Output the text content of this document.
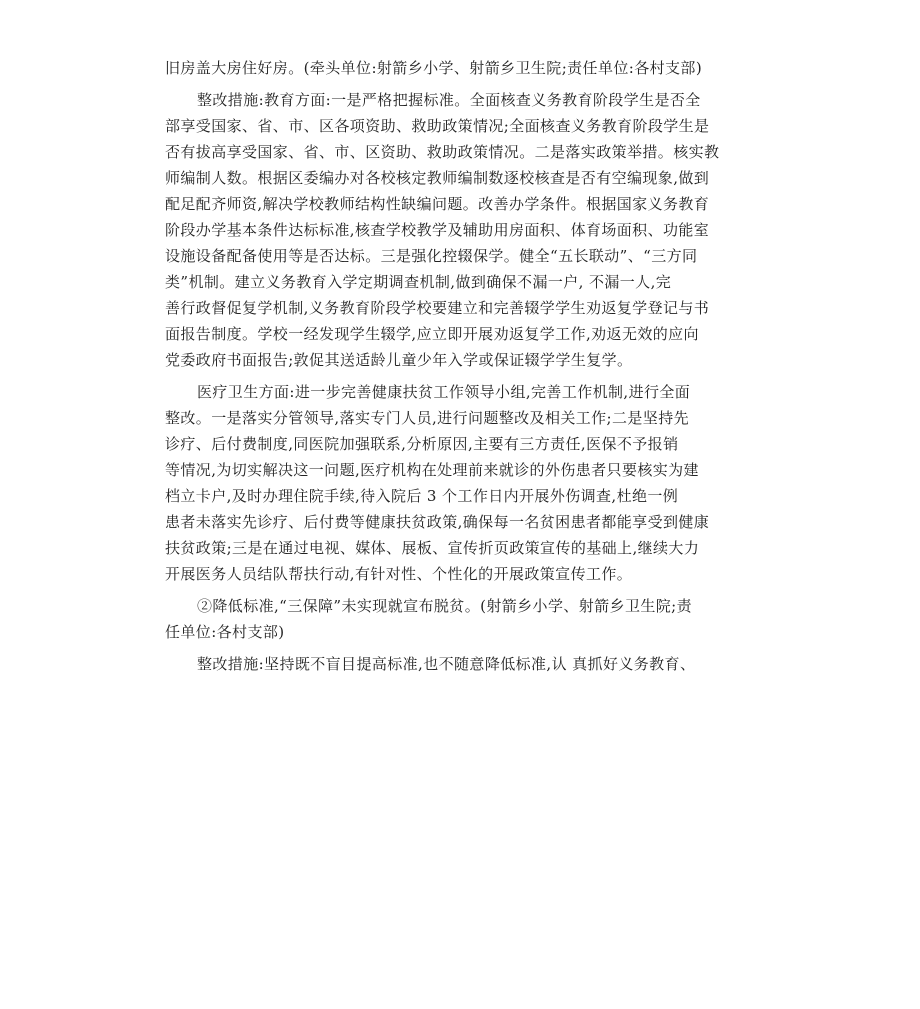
旧房盖大房住好房。(牵头单位:射箭乡小学、射箭乡卫生院;责任单位:各村支部)

整改措施:教育方面:一是严格把握标准。全面核查义务教育阶段学生是否全
部享受国家、省、市、区各项资助、救助政策情况;全面核查义务教育阶段学生是
否有拔高享受国家、省、市、区资助、救助政策情况。二是落实政策举措。核实教
师编制人数。根据区委编办对各校核定教师编制数逐校核查是否有空编现象,做到
配足配齐师资,解决学校教师结构性缺编问题。改善办学条件。根据国家义务教育
阶段办学基本条件达标标准,核查学校教学及辅助用房面积、体育场面积、功能室
设施设备配备使用等是否达标。三是强化控辍保学。健全“五长联动”、“三方同
类”机制。建立义务教育入学定期调查机制,做到确保不漏一户, 不漏一人,完
善行政督促复学机制,义务教育阶段学校要建立和完善辍学学生劝返复学登记与书
面报告制度。学校一经发现学生辍学,应立即开展劝返复学工作,劝返无效的应向
党委政府书面报告;敦促其送适龄儿童少年入学或保证辍学学生复学。

医疗卫生方面:进一步完善健康扶贫工作领导小组,完善工作机制,进行全面
整改。一是落实分管领导,落实专门人员,进行问题整改及相关工作;二是坚持先
诊疗、后付费制度,同医院加强联系,分析原因,主要有三方责任,医保不予报销
等情况,为切实解决这一问题,医疗机构在处理前来就诊的外伤患者只要核实为建
档立卡户,及时办理住院手续,待入院后 3 个工作日内开展外伤调查,杜绝一例
患者未落实先诊疗、后付费等健康扶贫政策,确保每一名贫困患者都能享受到健康
扶贫政策;三是在通过电视、媒体、展板、宣传折页政策宣传的基础上,继续大力
开展医务人员结队帮扶行动,有针对性、个性化的开展政策宣传工作。

②降低标准,“三保障”未实现就宣布脱贫。(射箭乡小学、射箭乡卫生院;责
任单位:各村支部)

整改措施:坚持既不盲目提高标准,也不随意降低标准,认 真抓好义务教育、
